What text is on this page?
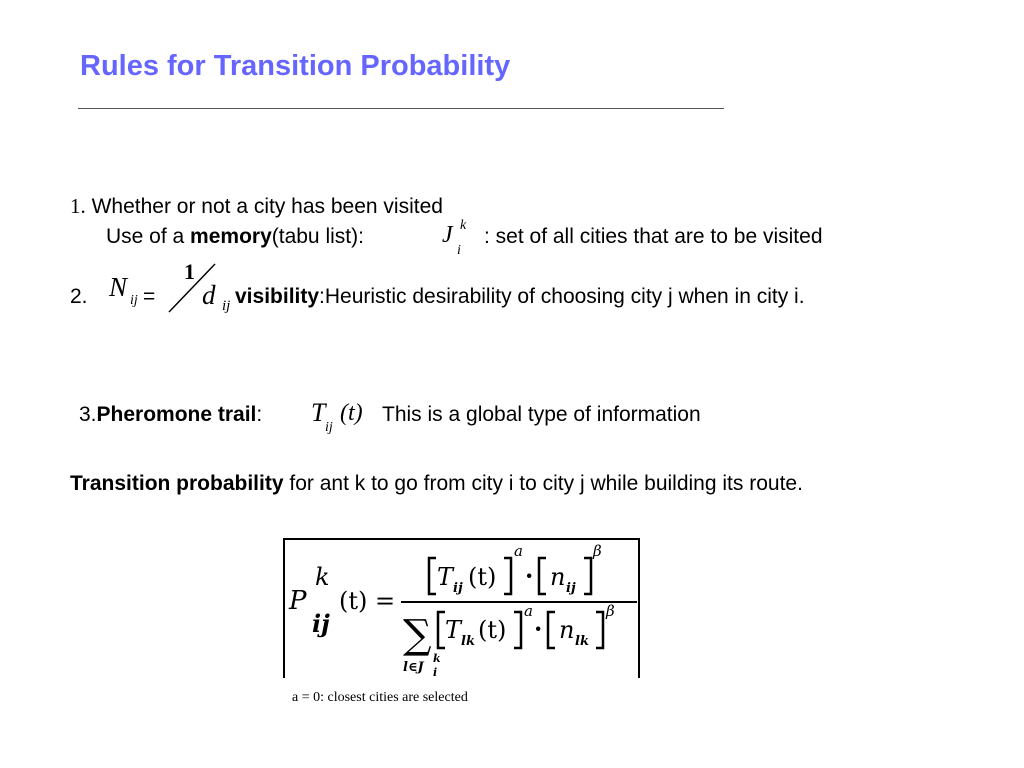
Rules for Transition Probability
1. Whether or not a city has been visited
Use of a memory(tabu list):	J k
i
: set of all cities that are to be visited
2. N ij =
1
d ij visibility:Heuristic desirability of choosing city j when in city i.
3.Pheromone trail: T
ij
(t) This is a global type of information
Transition probability for ant k to go from city i to city j while building its route.
P
k
ij
(t) =
T ij (t)
a
· n ij
β
∑ T lk (t)
a
· n lk
β
l∈J
k
i
a = 0: closest cities are selected
